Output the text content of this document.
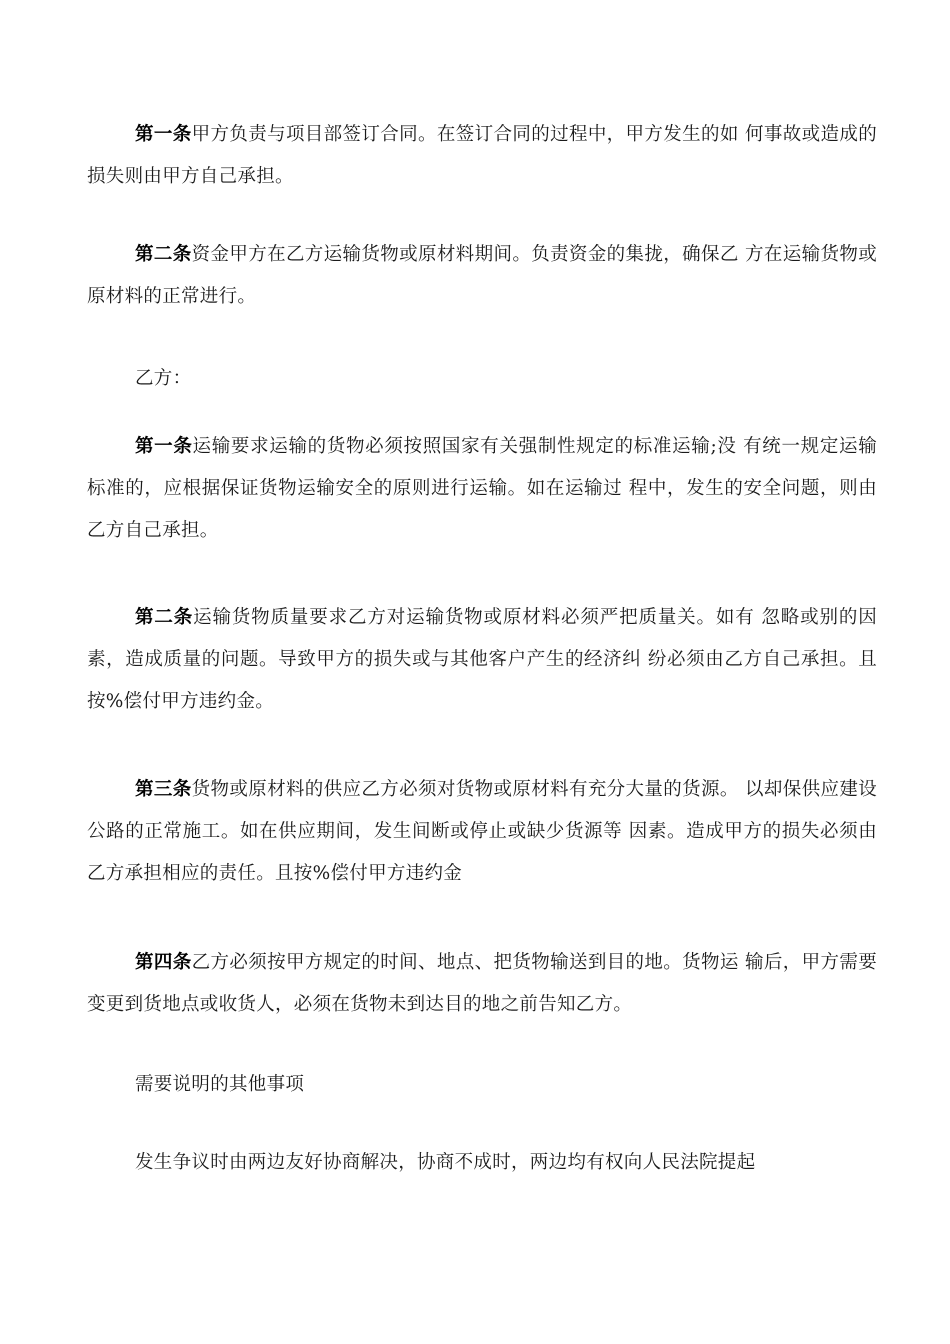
第一条甲方负责与项目部签订合同。在签订合同的过程中，甲方发生的如 何事故或造成的损失则由甲方自己承担。

第二条资金甲方在乙方运输货物或原材料期间。负责资金的集拢，确保乙 方在运输货物或原材料的正常进行。

乙方：

第一条运输要求运输的货物必须按照国家有关强制性规定的标准运输;没 有统一规定运输标准的，应根据保证货物运输安全的原则进行运输。如在运输过 程中，发生的安全问题，则由乙方自己承担。

第二条运输货物质量要求乙方对运输货物或原材料必须严把质量关。如有 忽略或别的因素，造成质量的问题。导致甲方的损失或与其他客户产生的经济纠 纷必须由乙方自己承担。且按%偿付甲方违约金。

第三条货物或原材料的供应乙方必须对货物或原材料有充分大量的货源。 以却保供应建设公路的正常施工。如在供应期间，发生间断或停止或缺少货源等 因素。造成甲方的损失必须由乙方承担相应的责任。且按%偿付甲方违约金

第四条乙方必须按甲方规定的时间、地点、把货物输送到目的地。货物运 输后，甲方需要变更到货地点或收货人，必须在货物未到达目的地之前告知乙方。

需要说明的其他事项

发生争议时由两边友好协商解决，协商不成时，两边均有权向人民法院提起
